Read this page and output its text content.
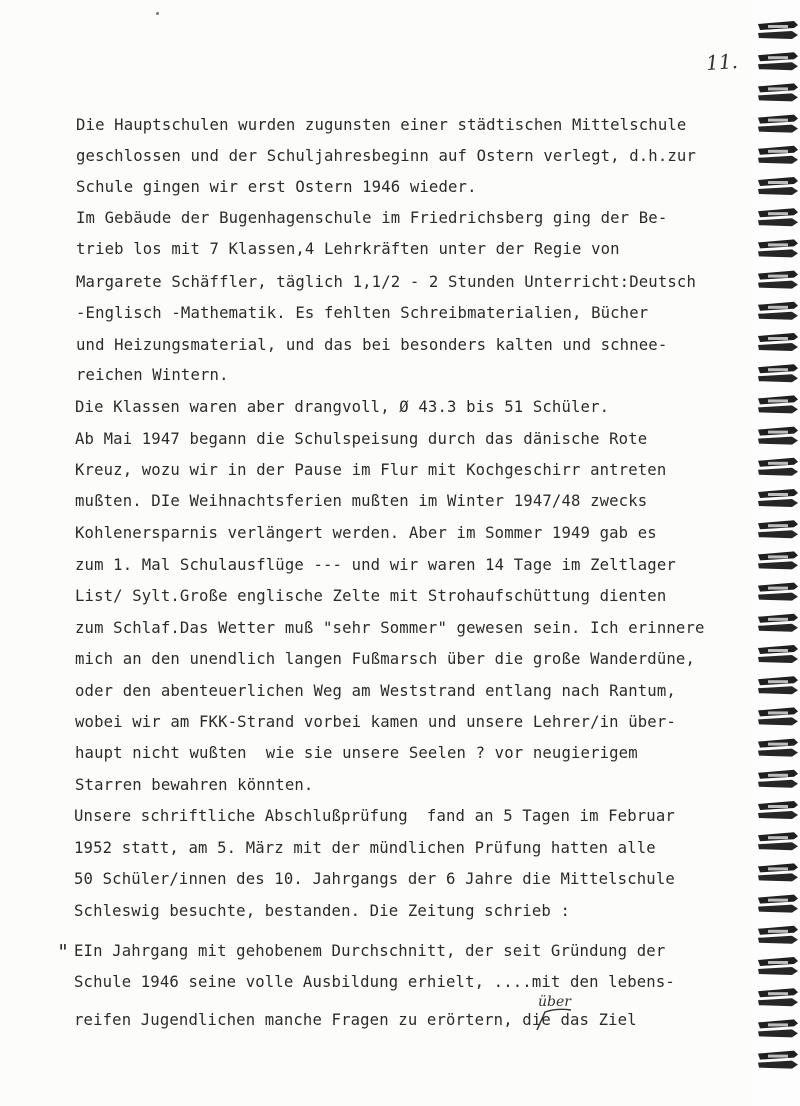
11.
Die Hauptschulen wurden zugunsten einer städtischen Mittelschule
geschlossen und der Schuljahresbeginn auf Ostern verlegt, d.h.zur
Schule gingen wir erst Ostern 1946 wieder.
Im Gebäude der Bugenhagenschule im Friedrichsberg ging der Be-
trieb los mit 7 Klassen,4 Lehrkräften unter der Regie von
Margarete Schäffler, täglich 1,1/2 - 2 Stunden Unterricht:Deutsch
-Englisch -Mathematik. Es fehlten Schreibmaterialien, Bücher
und Heizungsmaterial, und das bei besonders kalten und schnee-
reichen Wintern.
Die Klassen waren aber drangvoll, Ø 43.3 bis 51 Schüler.
Ab Mai 1947 begann die Schulspeisung durch das dänische Rote
Kreuz, wozu wir in der Pause im Flur mit Kochgeschirr antreten
mußten. DIe Weihnachtsferien mußten im Winter 1947/48 zwecks
Kohlenersparnis verlängert werden. Aber im Sommer 1949 gab es
zum 1. Mal Schulausflüge --- und wir waren 14 Tage im Zeltlager
List/ Sylt.Große englische Zelte mit Strohaufschüttung dienten
zum Schlaf.Das Wetter muß "sehr Sommer" gewesen sein. Ich erinnere
mich an den unendlich langen Fußmarsch über die große Wanderdüne,
oder den abenteuerlichen Weg am Weststrand entlang nach Rantum,
wobei wir am FKK-Strand vorbei kamen und unsere Lehrer/in über-
haupt nicht wußten  wie sie unsere Seelen ? vor neugierigem
Starren bewahren könnten.
Unsere schriftliche Abschlußprüfung  fand an 5 Tagen im Februar
1952 statt, am 5. März mit der mündlichen Prüfung hatten alle
50 Schüler/innen des 10. Jahrgangs der 6 Jahre die Mittelschule
Schleswig besuchte, bestanden. Die Zeitung schrieb :
EIn Jahrgang mit gehobenem Durchschnitt, der seit Gründung der
Schule 1946 seine volle Ausbildung erhielt, ....mit den lebens-
reifen Jugendlichen manche Fragen zu erörtern, die das Ziel
"
über
